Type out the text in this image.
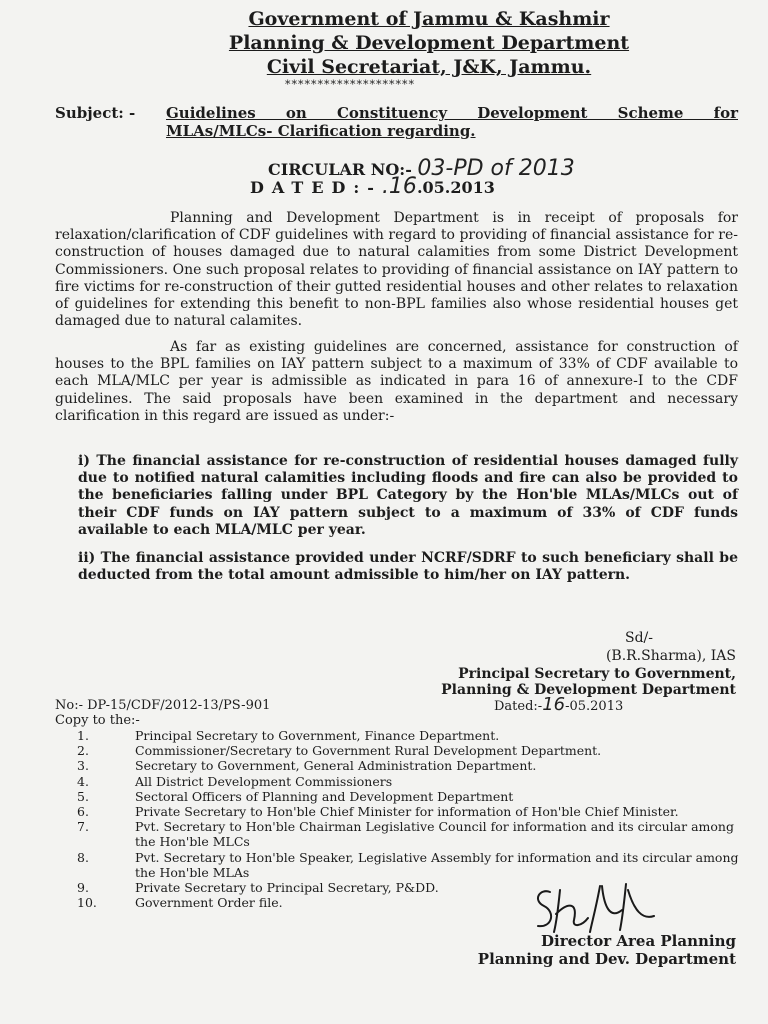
Government of Jammu & Kashmir
Planning & Development Department
Civil Secretariat, J&K, Jammu.
********************
Subject: - Guidelines on Constituency Development Scheme for
MLAs/MLCs- Clarification regarding.
CIRCULAR NO:- 03-PD of 2013
DATED:-.16.05.2013
Planning and Development Department is in receipt of proposals for relaxation/clarification of CDF guidelines with regard to providing of financial assistance for re-construction of houses damaged due to natural calamities from some District Development Commissioners. One such proposal relates to providing of financial assistance on IAY pattern to fire victims for re-construction of their gutted residential houses and other relates to relaxation of guidelines for extending this benefit to non-BPL families also whose residential houses get damaged due to natural calamites.
As far as existing guidelines are concerned, assistance for construction of houses to the BPL families on IAY pattern subject to a maximum of 33% of CDF available to each MLA/MLC per year is admissible as indicated in para 16 of annexure-I to the CDF guidelines. The said proposals have been examined in the department and necessary clarification in this regard are issued as under:-
i) The financial assistance for re-construction of residential houses damaged fully due to notified natural calamities including floods and fire can also be provided to the beneficiaries falling under BPL Category by the Hon'ble MLAs/MLCs out of their CDF funds on IAY pattern subject to a maximum of 33% of CDF funds available to each MLA/MLC per year.
ii) The financial assistance provided under NCRF/SDRF to such beneficiary shall be deducted from the total amount admissible to him/her on IAY pattern.
Sd/-
(B.R.Sharma), IAS
Principal Secretary to Government,
Planning & Development Department
No:- DP-15/CDF/2012-13/PS-901	Dated:-16-05.2013
Copy to the:-
1.	Principal Secretary to Government, Finance Department.
2.	Commissioner/Secretary to Government Rural Development Department.
3.	Secretary to Government, General Administration Department.
4.	All District Development Commissioners
5.	Sectoral Officers of Planning and Development Department
6.	Private Secretary to Hon'ble Chief Minister for information of Hon'ble Chief Minister.
7.	Pvt. Secretary to Hon'ble Chairman Legislative Council for information and its circular among the Hon'ble MLCs
8.	Pvt. Secretary to Hon'ble Speaker, Legislative Assembly for information and its circular among the Hon'ble MLAs
9.	Private Secretary to Principal Secretary, P&DD.
10.	Government Order file.
Director Area Planning
Planning and Dev. Department
